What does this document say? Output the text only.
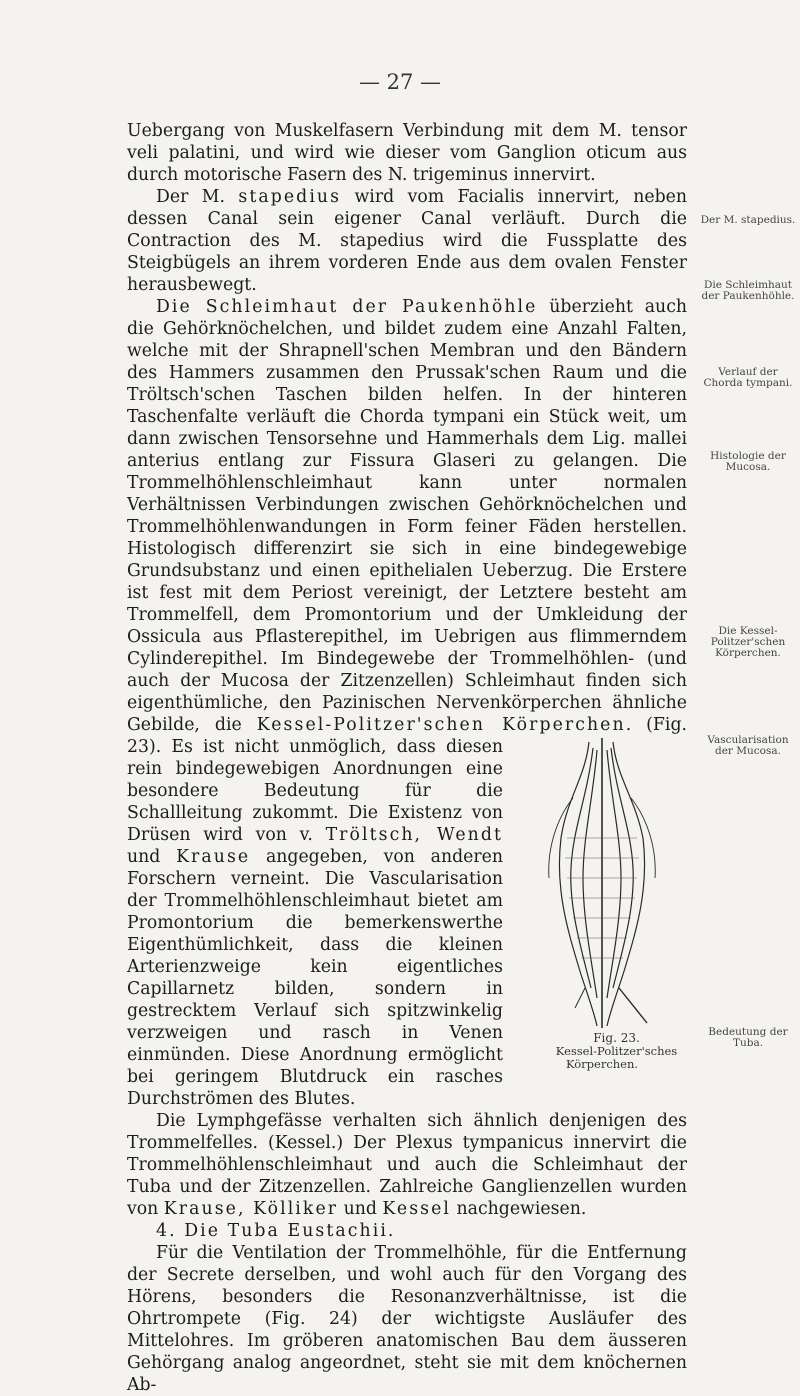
— 27 —

Uebergang von Muskelfasern Verbindung mit dem M. tensor veli palatini, und wird wie dieser vom Ganglion oticum aus durch motorische Fasern des N. trigeminus innervirt.

Der M. stapedius wird vom Facialis innervirt, neben dessen Canal sein eigener Canal verläuft. Durch die Contraction des M. stapedius wird die Fussplatte des Steigbügels an ihrem vorderen Ende aus dem ovalen Fenster herausbewegt.

Die Schleimhaut der Paukenhöhle überzieht auch die Gehörknöchelchen, und bildet zudem eine Anzahl Falten, welche mit der Shrapnell'schen Membran und den Bändern des Hammers zusammen den Prussak'schen Raum und die Tröltsch'schen Taschen bilden helfen. In der hinteren Taschenfalte verläuft die Chorda tympani ein Stück weit, um dann zwischen Tensorsehne und Hammerhals dem Lig. mallei anterius entlang zur Fissura Glaseri zu gelangen. Die Trommelhöhlenschleimhaut kann unter normalen Verhältnissen Verbindungen zwischen Gehörknöchelchen und Trommelhöhlenwandungen in Form feiner Fäden herstellen. Histologisch differenzirt sie sich in eine bindegewebige Grundsubstanz und einen epithelialen Ueberzug. Die Erstere ist fest mit dem Periost vereinigt, der Letztere besteht am Trommelfell, dem Promontorium und der Umkleidung der Ossicula aus Pflasterepithel, im Uebrigen aus flimmerndem Cylinderepithel. Im Bindegewebe der Trommelhöhlen- (und auch der Mucosa der Zitzenzellen) Schleimhaut finden sich eigenthümliche, den Pazinischen Nervenkörperchen ähnliche Gebilde, die Kessel-Politzer'schen Körperchen
Fig. 23.
Kessel-Politzer'sches Körperchen.
. (Fig. 23). Es ist nicht unmöglich, dass diesen rein bindegewebigen Anordnungen eine besondere Bedeutung für die Schallleitung zukommt. Die Existenz von Drüsen wird von v. Tröltsch, Wendt und Krause angegeben, von anderen Forschern verneint. Die Vascularisation der Trommelhöhlenschleimhaut bietet am Promontorium die bemerkenswerthe Eigenthümlichkeit, dass die kleinen Arterienzweige kein eigentliches Capillarnetz bilden, sondern in gestrecktem Verlauf sich spitzwinkelig verzweigen und rasch in Venen einmünden. Diese Anordnung ermöglicht bei geringem Blutdruck ein rasches Durchströmen des Blutes.

Die Lymphgefässe verhalten sich ähnlich denjenigen des Trommelfelles. (Kessel.) Der Plexus tympanicus innervirt die Trommelhöhlenschleimhaut und auch die Schleimhaut der Tuba und der Zitzenzellen. Zahlreiche Ganglienzellen wurden von Krause, Kölliker und Kessel nachgewiesen.

4. Die Tuba Eustachii.

Für die Ventilation der Trommelhöhle, für die Entfernung der Secrete derselben, und wohl auch für den Vorgang des Hörens, besonders die Resonanzverhältnisse, ist die Ohrtrompete (Fig. 24) der wichtigste Ausläufer des Mittelohres. Im gröberen anatomischen Bau dem äusseren Gehörgang analog angeordnet, steht sie mit dem knöchernen Ab-

Der M. stapedius.
Die Schleimhaut der Paukenhöhle.
Verlauf der Chorda tympani.
Histologie der Mucosa.
Die Kessel-Politzer'schen Körperchen.
Vascularisation der Mucosa.
Bedeutung der Tuba.
